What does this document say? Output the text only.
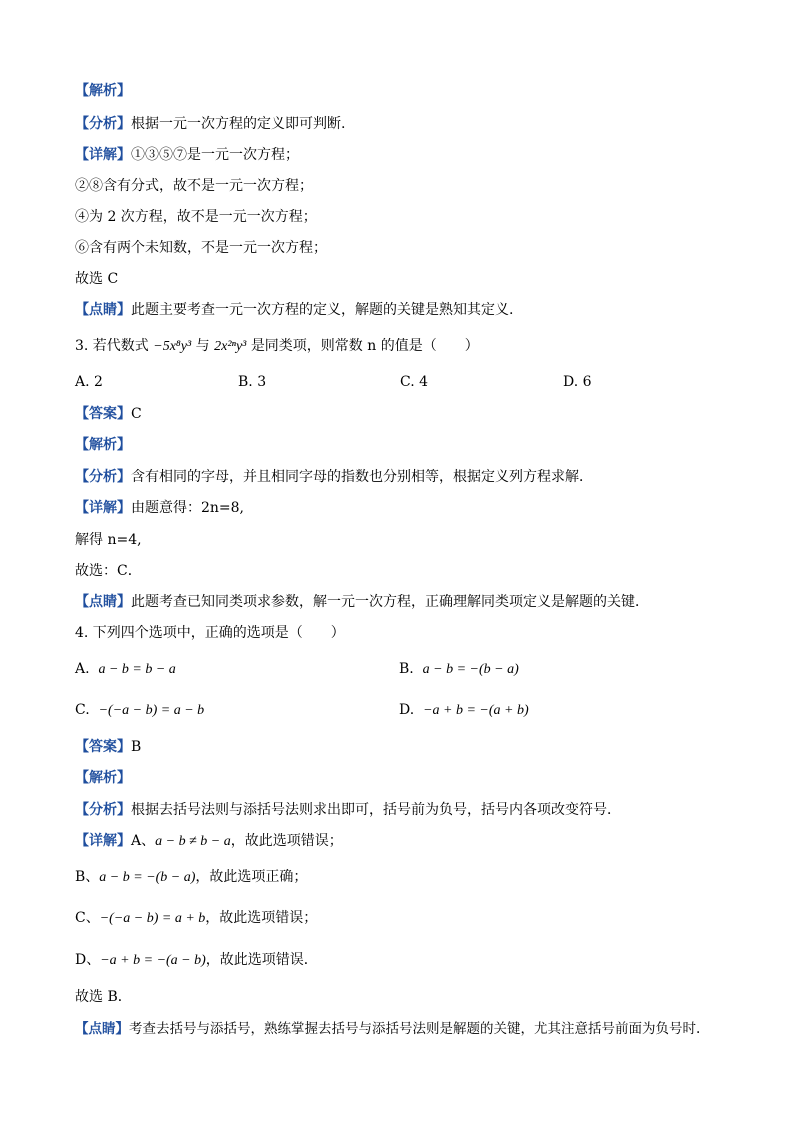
【解析】
【分析】根据一元一次方程的定义即可判断.
【详解】①③⑤⑦是一元一次方程；
②⑧含有分式，故不是一元一次方程；
④为 2 次方程，故不是一元一次方程；
⑥含有两个未知数，不是一元一次方程；
故选 C
【点睛】此题主要考查一元一次方程的定义，解题的关键是熟知其定义.
3. 若代数式 −5x⁸y³ 与 2x²ⁿy³ 是同类项，则常数 n 的值是（　　）
A. 2	B. 3	C. 4	D. 6
【答案】C
【解析】
【分析】含有相同的字母，并且相同字母的指数也分别相等，根据定义列方程求解．
【详解】由题意得：2n=8,
解得 n=4,
故选：C．
【点睛】此题考查已知同类项求参数，解一元一次方程，正确理解同类项定义是解题的关键．
4. 下列四个选项中，正确的选项是（　　）
A. a − b = b − a	B. a − b = −(b − a)
C. −(−a − b) = a − b	D. −a + b = −(a + b)
【答案】B
【解析】
【分析】根据去括号法则与添括号法则求出即可，括号前为负号，括号内各项改变符号．
【详解】A、a − b ≠ b − a，故此选项错误；
B、a − b = −(b − a)，故此选项正确；
C、−(−a − b) = a + b，故此选项错误；
D、−a + b = −(a − b)，故此选项错误．
故选 B．
【点睛】考查去括号与添括号，熟练掌握去括号与添括号法则是解题的关键，尤其注意括号前面为负号时.
